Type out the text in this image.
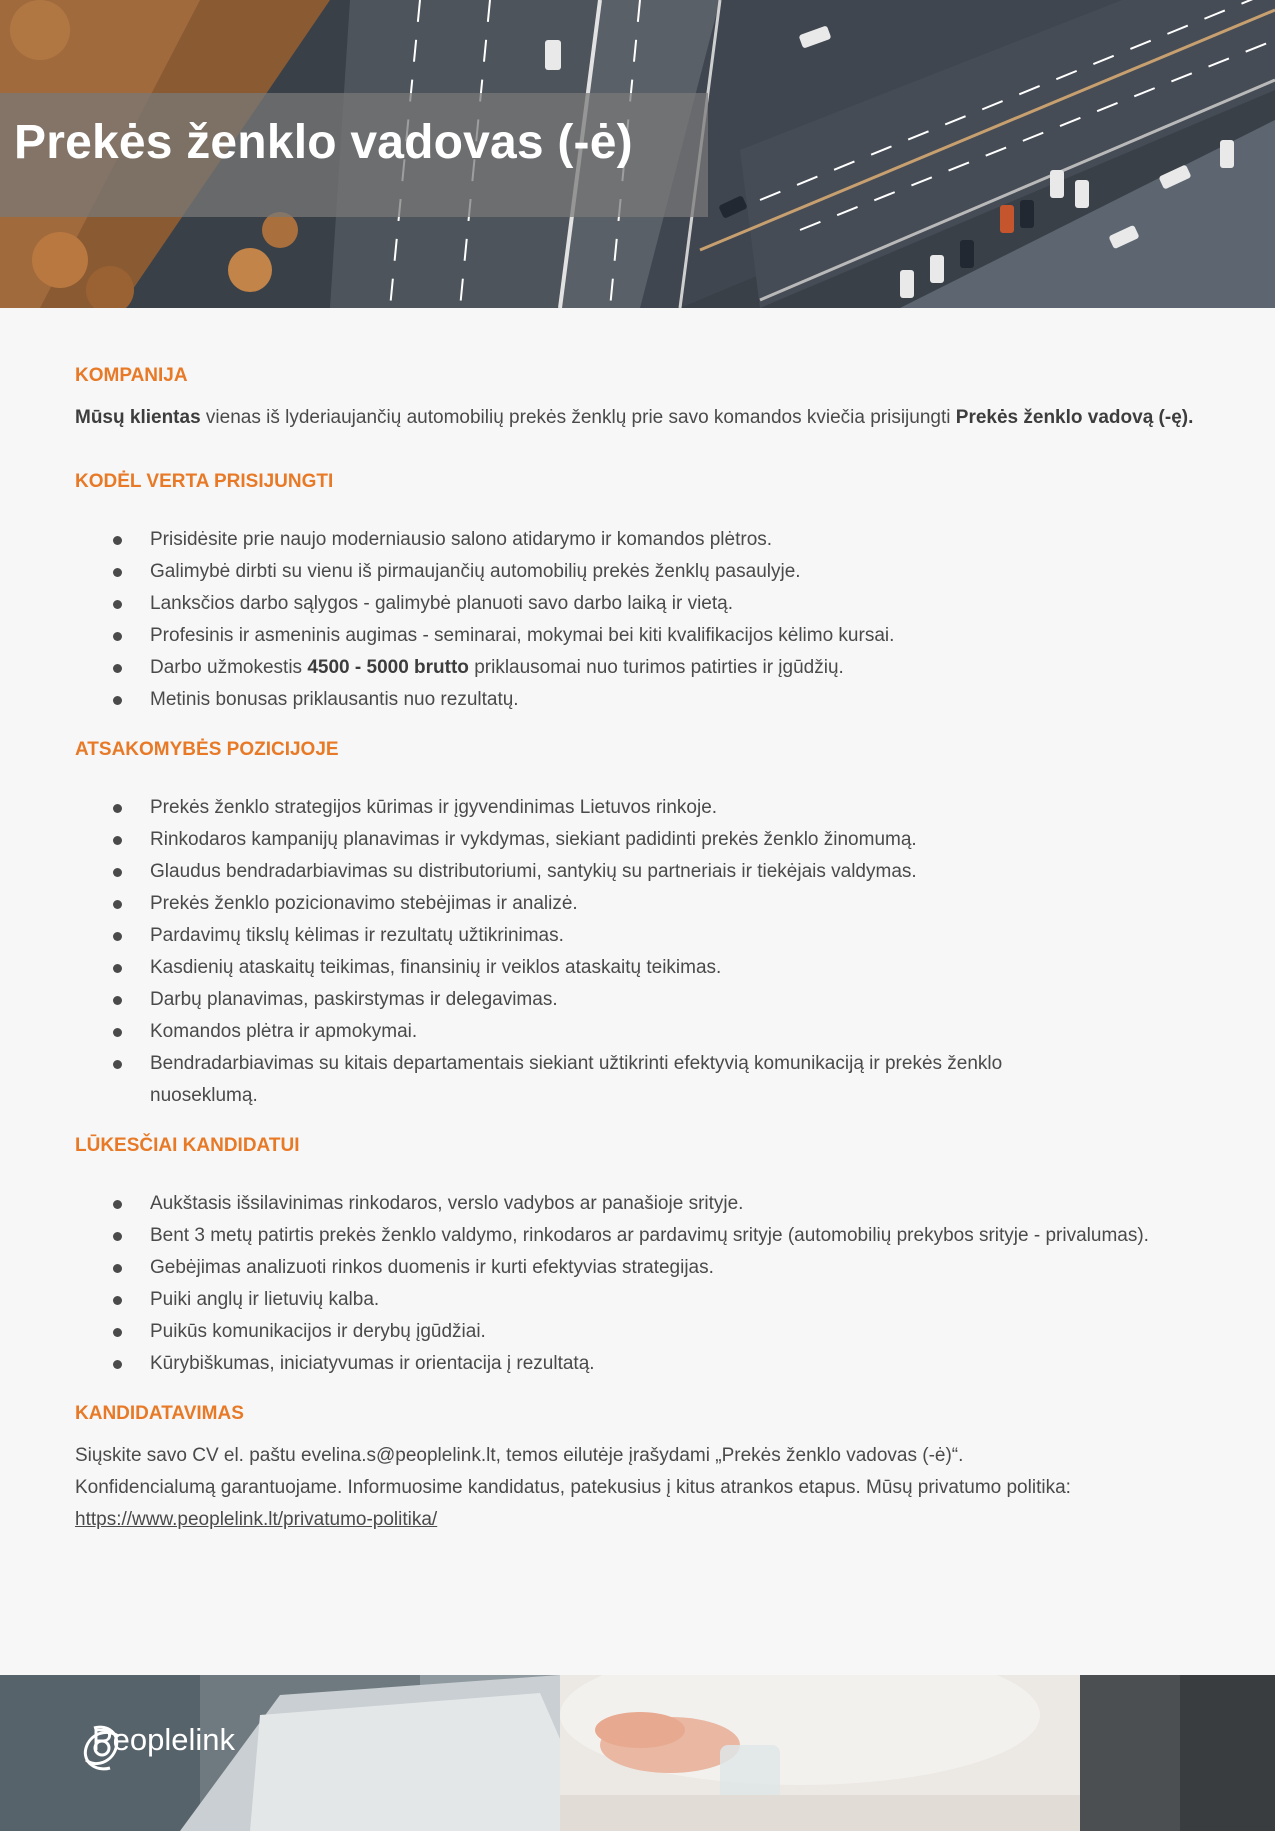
Prekės ženklo vadovas (-ė)
KOMPANIJA

Mūsų klientas vienas iš lyderiaujančių automobilių prekės ženklų prie savo komandos kviečia prisijungti Prekės ženklo vadovą (-ę).

KODĖL VERTA PRISIJUNGTI
Prisidėsite prie naujo moderniausio salono atidarymo ir komandos plėtros.
Galimybė dirbti su vienu iš pirmaujančių automobilių prekės ženklų pasaulyje.
Lanksčios darbo sąlygos - galimybė planuoti savo darbo laiką ir vietą.
Profesinis ir asmeninis augimas - seminarai, mokymai bei kiti kvalifikacijos kėlimo kursai.
Darbo užmokestis 4500 - 5000 brutto priklausomai nuo turimos patirties ir įgūdžių.
Metinis bonusas priklausantis nuo rezultatų.
ATSAKOMYBĖS POZICIJOJE
Prekės ženklo strategijos kūrimas ir įgyvendinimas Lietuvos rinkoje.
Rinkodaros kampanijų planavimas ir vykdymas, siekiant padidinti prekės ženklo žinomumą.
Glaudus bendradarbiavimas su distributoriumi, santykių su partneriais ir tiekėjais valdymas.
Prekės ženklo pozicionavimo stebėjimas ir analizė.
Pardavimų tikslų kėlimas ir rezultatų užtikrinimas.
Kasdienių ataskaitų teikimas, finansinių ir veiklos ataskaitų teikimas.
Darbų planavimas, paskirstymas ir delegavimas.
Komandos plėtra ir apmokymai.
Bendradarbiavimas su kitais departamentais siekiant užtikrinti efektyvią komunikaciją ir prekės ženklo nuoseklumą.
LŪKESČIAI KANDIDATUI
Aukštasis išsilavinimas rinkodaros, verslo vadybos ar panašioje srityje.
Bent 3 metų patirtis prekės ženklo valdymo, rinkodaros ar pardavimų srityje (automobilių prekybos srityje - privalumas).
Gebėjimas analizuoti rinkos duomenis ir kurti efektyvias strategijas.
Puiki anglų ir lietuvių kalba.
Puikūs komunikacijos ir derybų įgūdžiai.
Kūrybiškumas, iniciatyvumas ir orientacija į rezultatą.
KANDIDATAVIMAS

Siųskite savo CV el. paštu evelina.s@peoplelink.lt, temos eilutėje įrašydami „Prekės ženklo vadovas (-ė)“.

Konfidencialumą garantuojame. Informuosime kandidatus, patekusius į kitus atrankos etapus. Mūsų privatumo politika:

https://www.peoplelink.lt/privatumo-politika/

Peoplelink
